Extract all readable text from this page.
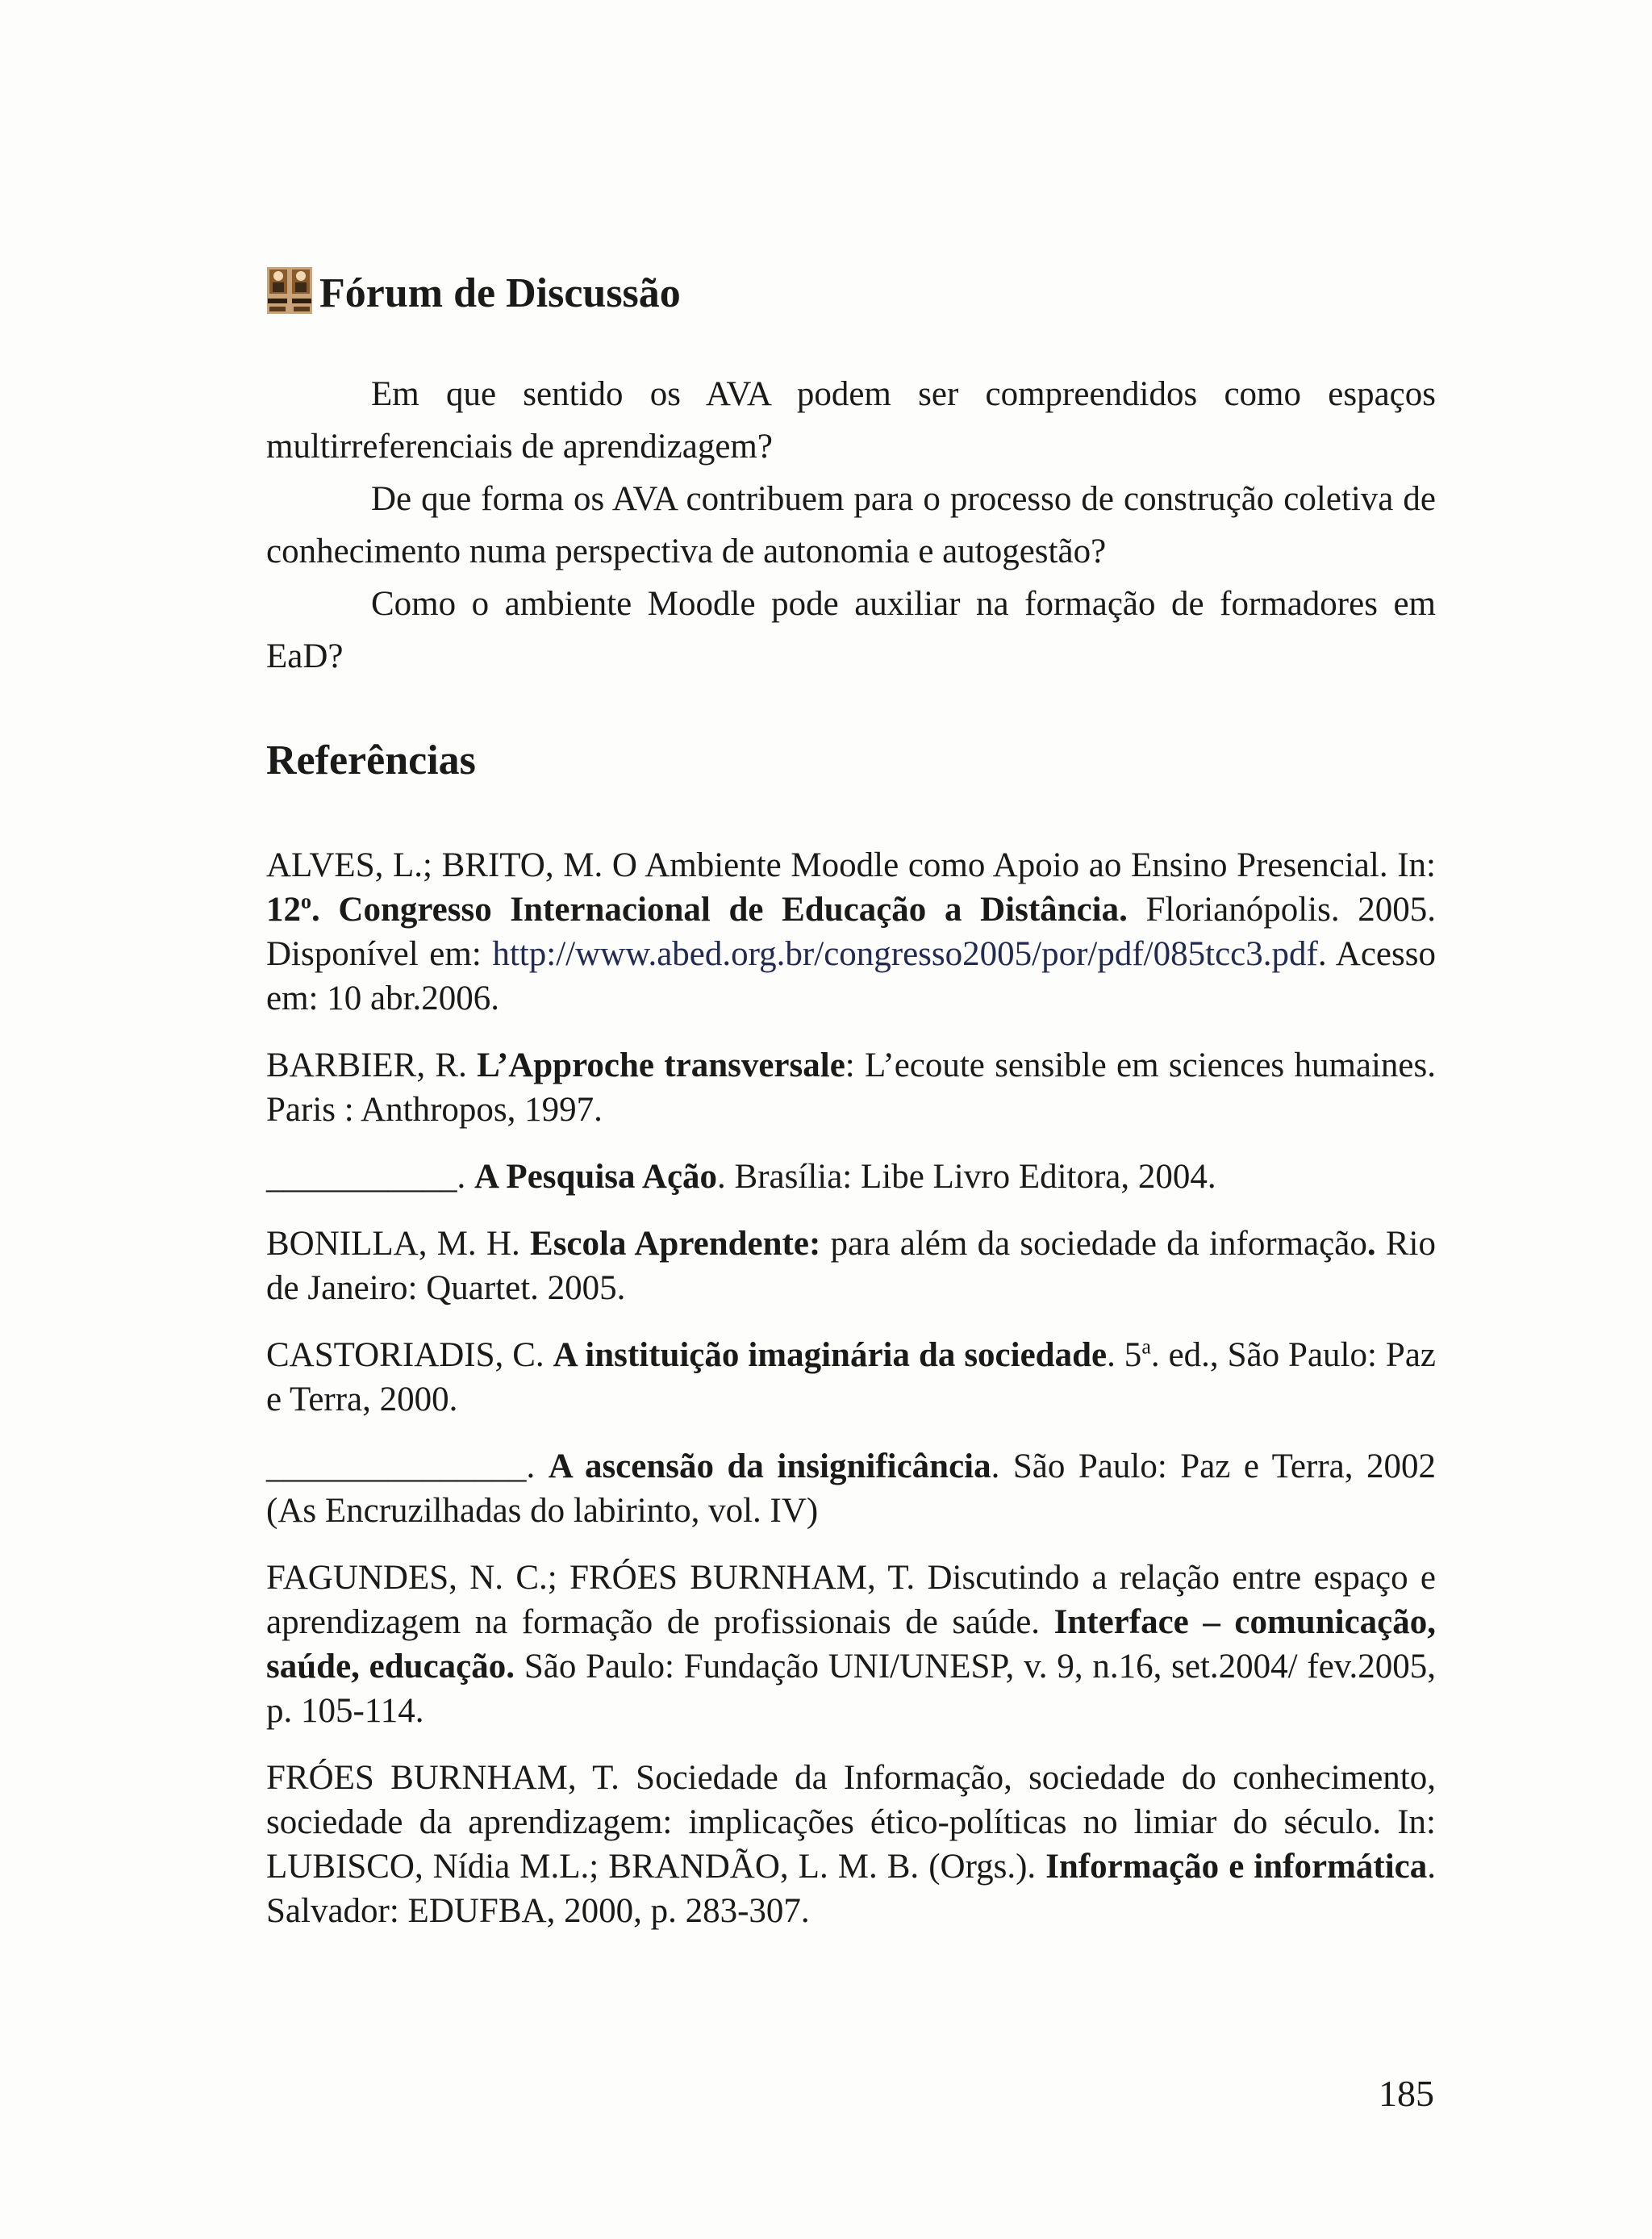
Fórum de Discussão

Em que sentido os AVA podem ser compreendidos como espaços multirreferenciais de aprendizagem?

De que forma os AVA contribuem para o processo de construção coletiva de conhecimento numa perspectiva de autonomia e autogestão?

Como o ambiente Moodle pode auxiliar na formação de formadores em EaD?

Referências

ALVES, L.; BRITO, M. O Ambiente Moodle como Apoio ao Ensino Presencial. In: 12$^o$. Congresso Internacional de Educação a Distância. Florianópolis. 2005. Disponível em: http://www.abed.org.br/congresso2005/por/pdf/085tcc3.pdf. Acesso em: 10 abr.2006.

BARBIER, R. L’Approche transversale: L’ecoute sensible em sciences humaines. Paris : Anthropos, 1997.

___________. A Pesquisa Ação. Brasília: Libe Livro Editora, 2004.

BONILLA, M. H. Escola Aprendente: para além da sociedade da informação. Rio de Janeiro: Quartet. 2005.

CASTORIADIS, C. A instituição imaginária da sociedade. 5$^a$. ed., São Paulo: Paz e Terra, 2000.

_______________. A ascensão da insignificância. São Paulo: Paz e Terra, 2002 (As Encruzilhadas do labirinto, vol. IV)

FAGUNDES, N. C.; FRÓES BURNHAM, T. Discutindo a relação entre espaço e aprendizagem na formação de profissionais de saúde. Interface – comunicação, saúde, educação. São Paulo: Fundação UNI/UNESP, v. 9, n.16, set.2004/ fev.2005, p. 105-114.

FRÓES BURNHAM, T. Sociedade da Informação, sociedade do conhecimento, sociedade da aprendizagem: implicações ético-políticas no limiar do século. In: LUBISCO, Nídia M.L.; BRANDÃO, L. M. B. (Orgs.). Informação e informática. Salvador: EDUFBA, 2000, p. 283-307.

185
